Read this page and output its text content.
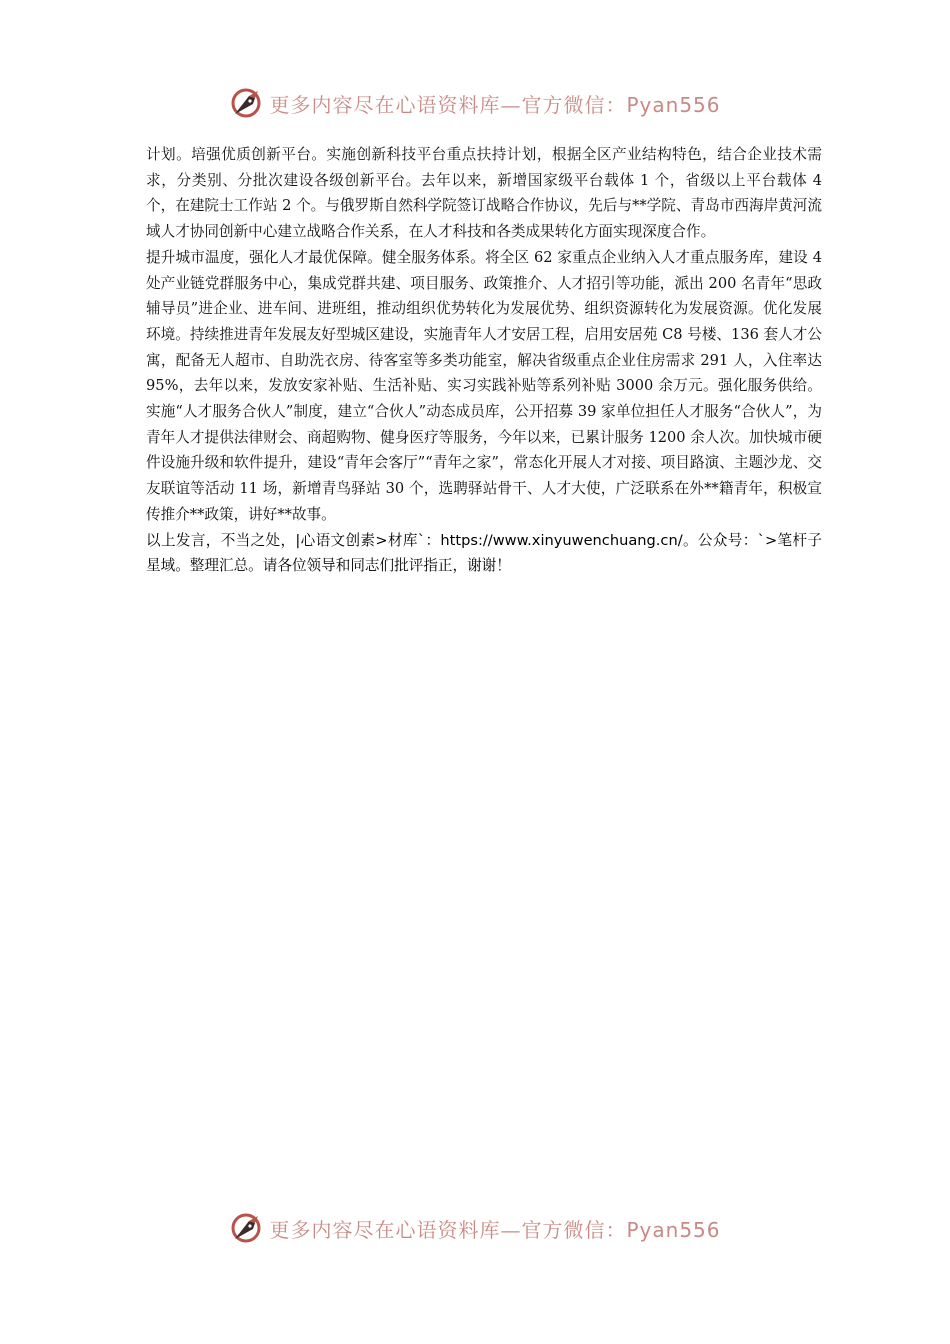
更多内容尽在心语资料库—官方微信：Pyan556

计划。培强优质创新平台。实施创新科技平台重点扶持计划，根据全区产业结构特色，结合企业技术需求，分类别、分批次建设各级创新平台。去年以来，新增国家级平台载体 1 个，省级以上平台载体 4 个，在建院士工作站 2 个。与俄罗斯自然科学院签订战略合作协议，先后与**学院、青岛市西海岸黄河流域人才协同创新中心建立战略合作关系，在人才科技和各类成果转化方面实现深度合作。

提升城市温度，强化人才最优保障。健全服务体系。将全区 62 家重点企业纳入人才重点服务库，建设 4 处产业链党群服务中心，集成党群共建、项目服务、政策推介、人才招引等功能，派出 200 名青年“思政辅导员”进企业、进车间、进班组，推动组织优势转化为发展优势、组织资源转化为发展资源。优化发展环境。持续推进青年发展友好型城区建设，实施青年人才安居工程，启用安居苑 C8 号楼、136 套人才公寓，配备无人超市、自助洗衣房、待客室等多类功能室，解决省级重点企业住房需求 291 人，入住率达 95%，去年以来，发放安家补贴、生活补贴、实习实践补贴等系列补贴 3000 余万元。强化服务供给。实施“人才服务合伙人”制度，建立“合伙人”动态成员库，公开招募 39 家单位担任人才服务“合伙人”，为青年人才提供法律财会、商超购物、健身医疗等服务，今年以来，已累计服务 1200 余人次。加快城市硬件设施升级和软件提升，建设“青年会客厅”“青年之家”，常态化开展人才对接、项目路演、主题沙龙、交友联谊等活动 11 场，新增青鸟驿站 30 个，选聘驿站骨干、人才大使，广泛联系在外**籍青年，积极宣传推介**政策，讲好**故事。

以上发言，不当之处，|心语文创素>材库`：https://www.xinyuwenchuang.cn/。公众号：`>笔杆子星域。整理汇总。请各位领导和同志们批评指正，谢谢！

更多内容尽在心语资料库—官方微信：Pyan556
